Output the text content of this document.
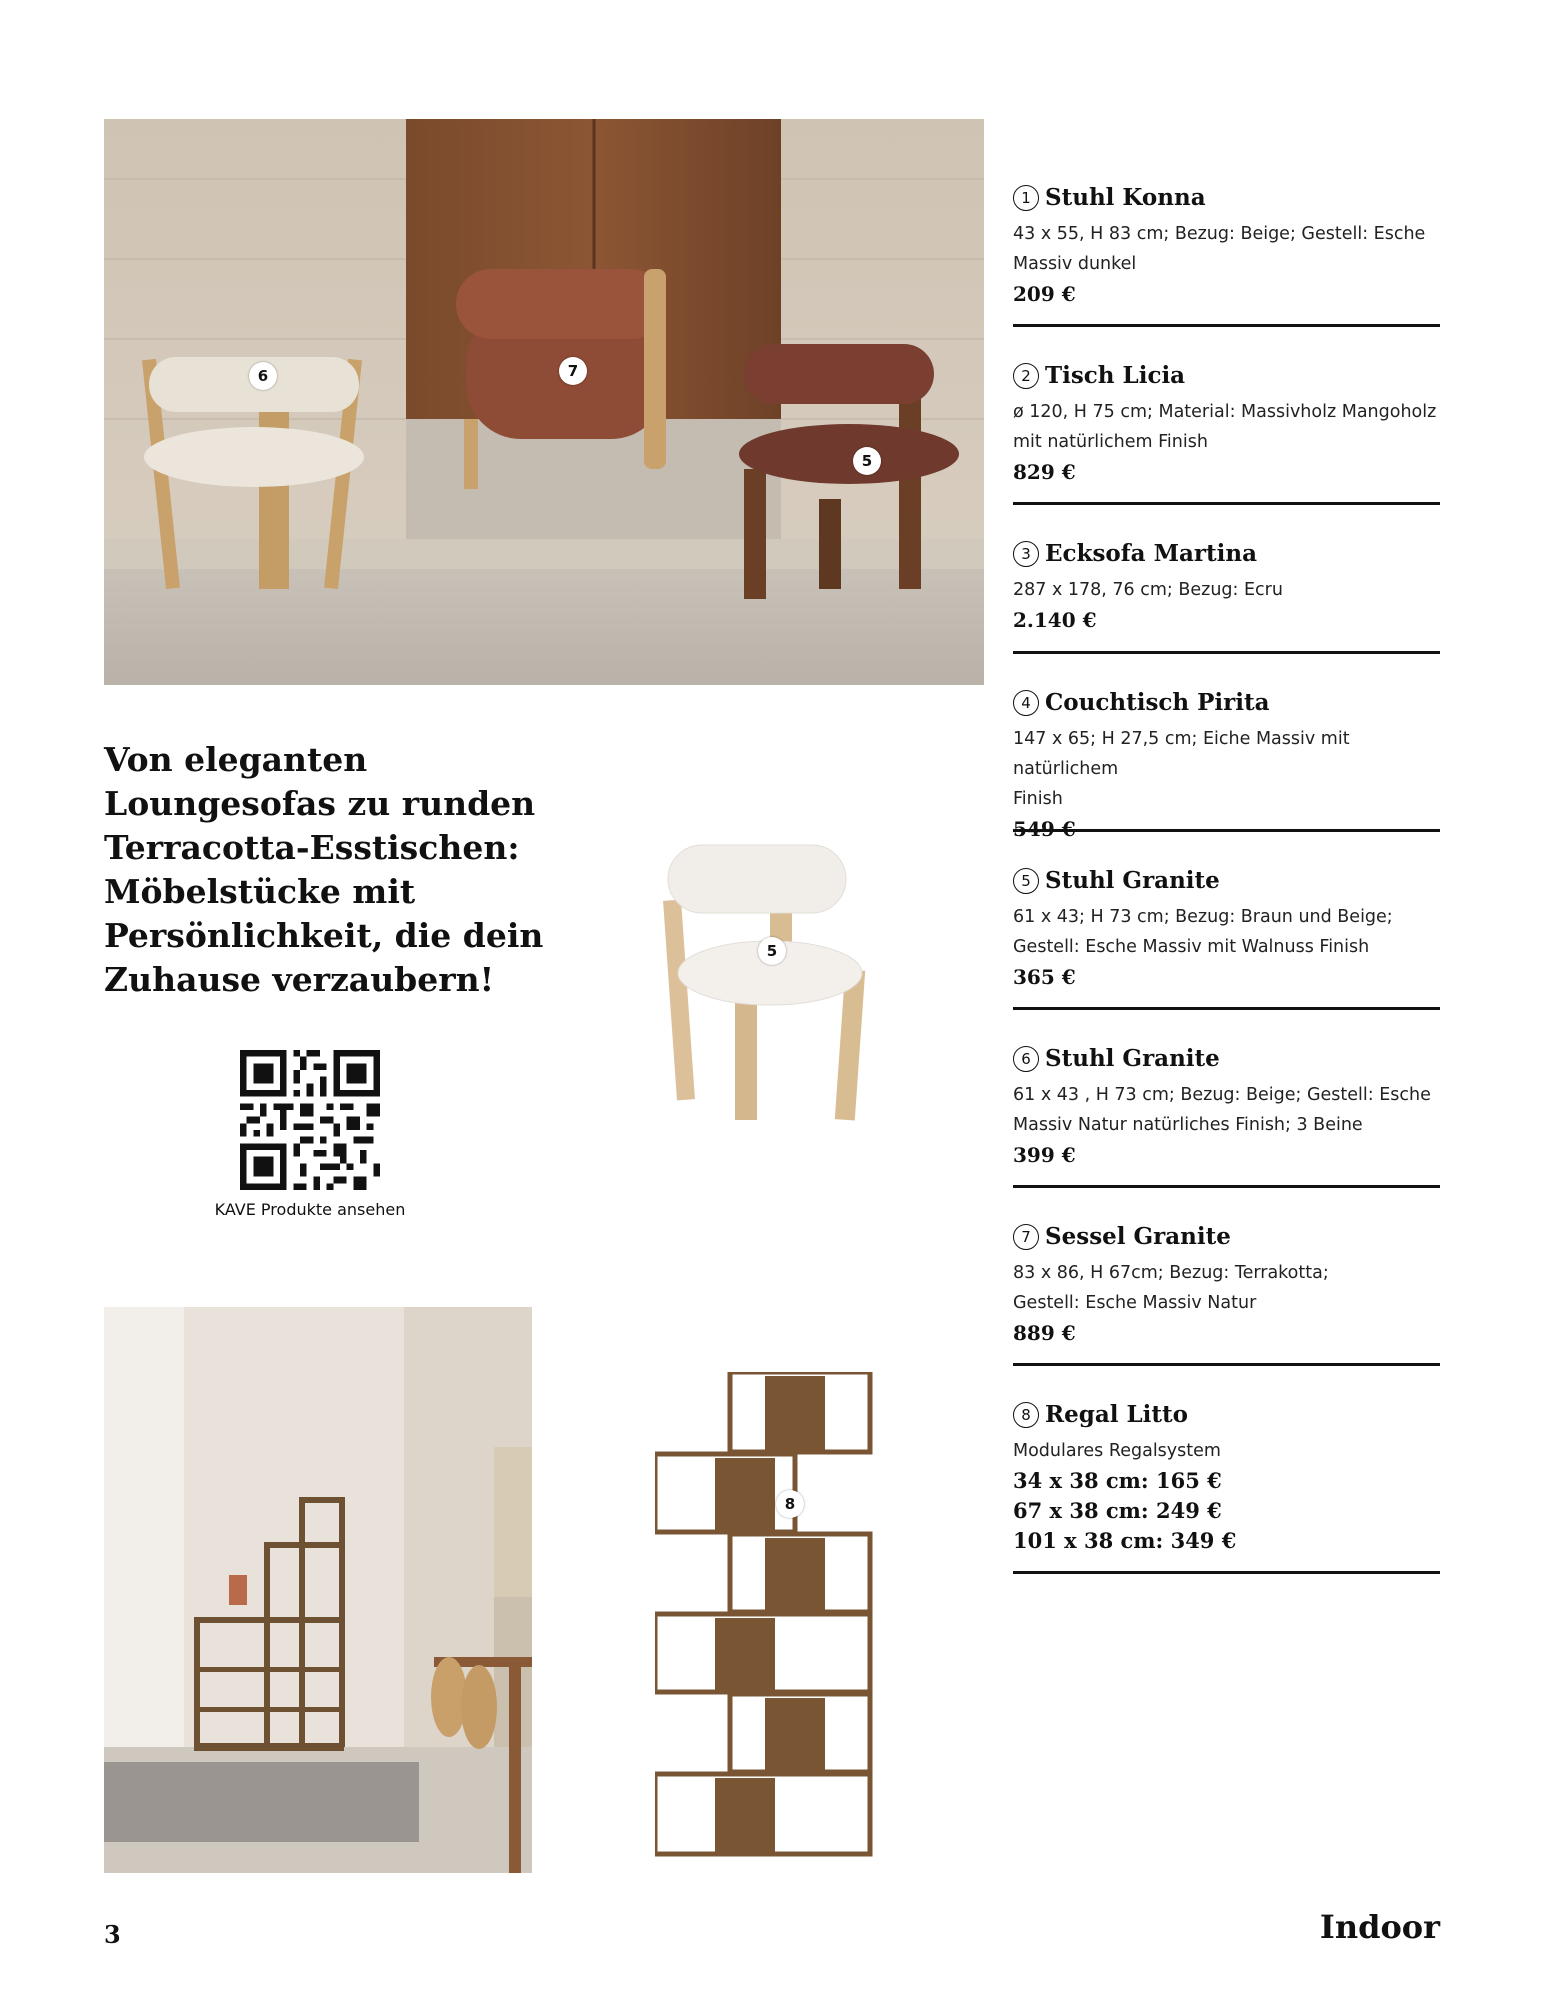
6	7
5
Von eleganten Loungesofas zu runden Terracotta-Esstischen: Möbelstücke mit Persönlichkeit, die dein Zuhause verzaubern!
5
KAVE Produkte ansehen
8

1 Stuhl Konna

43 x 55, H 83 cm; Bezug: Beige; Gestell: Esche

Massiv dunkel

209 €

2 Tisch Licia

ø 120, H 75 cm; Material: Massivholz Mangoholz

mit natürlichem Finish

829 €

3 Ecksofa Martina

287 x 178, 76 cm; Bezug: Ecru

2.140 €

4 Couchtisch Pirita

147 x 65; H 27,5 cm; Eiche Massiv mit natürlichem

Finish

549 €

5 Stuhl Granite

61 x 43; H 73 cm; Bezug: Braun und Beige;

Gestell: Esche Massiv mit Walnuss Finish

365 €

6 Stuhl Granite

61 x 43 , H 73 cm; Bezug: Beige; Gestell: Esche

Massiv Natur natürliches Finish; 3 Beine

399 €

7 Sessel Granite

83 x 86, H 67cm; Bezug: Terrakotta;

Gestell: Esche Massiv Natur

889 €

8 Regal Litto

Modulares Regalsystem

34 x 38 cm: 165 €

67 x 38 cm: 249 €

101 x 38 cm: 349 €

3	Indoor
